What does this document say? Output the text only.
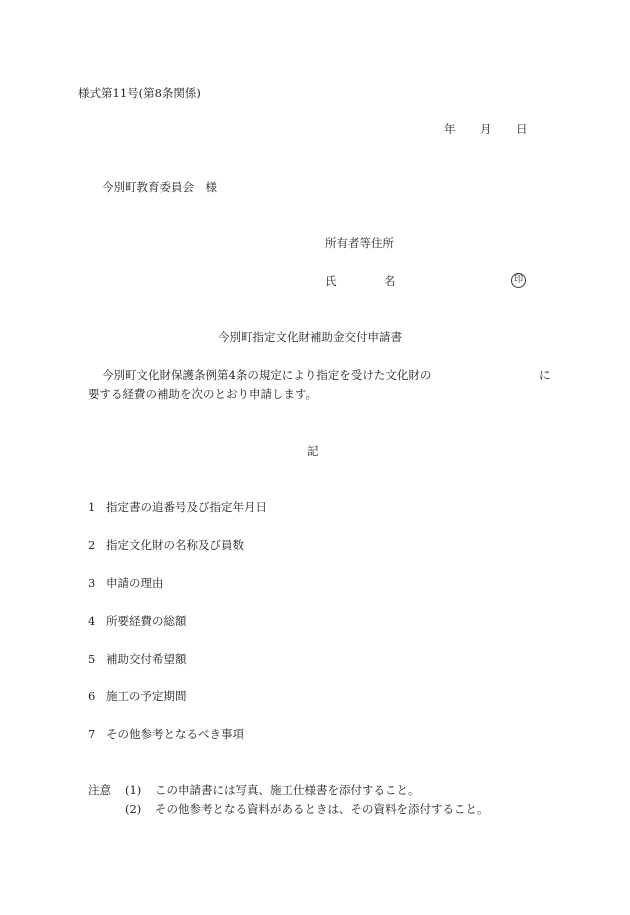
様式第11号(第8条関係)
年 月 日
今別町教育委員会　様
所有者等住所
氏	名	印
今別町指定文化財補助金交付申請書
今別町文化財保護条例第4条の規定により指定を受けた文化財の	に
要する経費の補助を次のとおり申請します。
記
1 指定書の追番号及び指定年月日
2 指定文化財の名称及び員数
3 申請の理由
4 所要経費の総額
5 補助交付希望額
6 施工の予定期間
7 その他参考となるべき事項
注意 (1) この申請書には写真、施工仕様書を添付すること。
(2) その他参考となる資料があるときは、その資料を添付すること。
